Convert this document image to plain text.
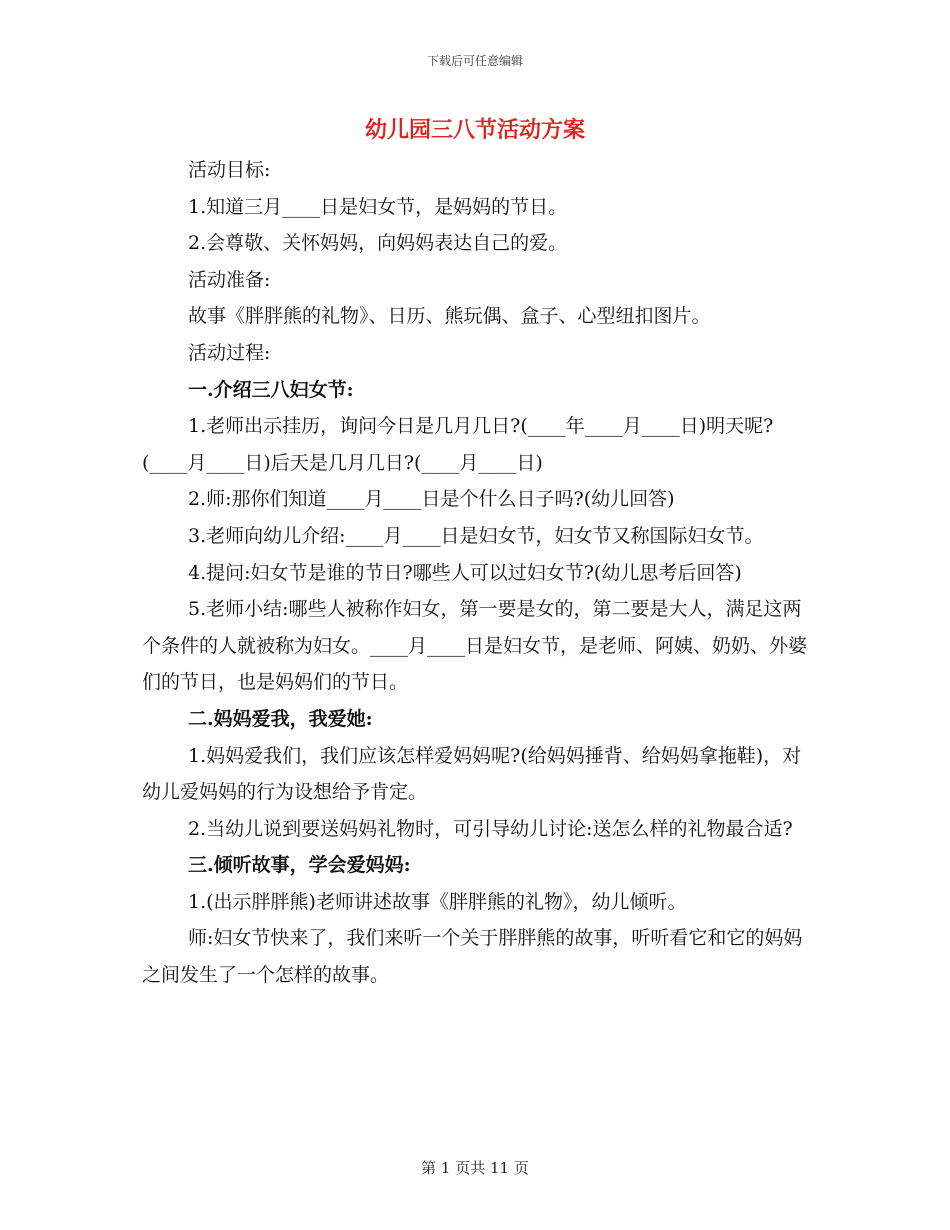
下载后可任意编辑
幼儿园三八节活动方案

活动目标:

1.知道三月____日是妇女节，是妈妈的节日。

2.会尊敬、关怀妈妈，向妈妈表达自己的爱。

活动准备:

故事《胖胖熊的礼物》、日历、熊玩偶、盒子、心型纽扣图片。

活动过程:

一.介绍三八妇女节:

1.老师出示挂历，询问今日是几月几日?(____年____月____日)明天呢?(____月____日)后天是几月几日?(____月____日)

2.师:那你们知道____月____日是个什么日子吗?(幼儿回答)

3.老师向幼儿介绍:____月____日是妇女节，妇女节又称国际妇女节。

4.提问:妇女节是谁的节日?哪些人可以过妇女节?(幼儿思考后回答)

5.老师小结:哪些人被称作妇女，第一要是女的，第二要是大人，满足这两个条件的人就被称为妇女。____月____日是妇女节，是老师、阿姨、奶奶、外婆们的节日，也是妈妈们的节日。

二.妈妈爱我，我爱她:

1.妈妈爱我们，我们应该怎样爱妈妈呢?(给妈妈捶背、给妈妈拿拖鞋)，对幼儿爱妈妈的行为设想给予肯定。

2.当幼儿说到要送妈妈礼物时，可引导幼儿讨论:送怎么样的礼物最合适?

三.倾听故事，学会爱妈妈:

1.(出示胖胖熊)老师讲述故事《胖胖熊的礼物》，幼儿倾听。

师:妇女节快来了，我们来听一个关于胖胖熊的故事，听听看它和它的妈妈之间发生了一个怎样的故事。

第 1 页共 11 页
